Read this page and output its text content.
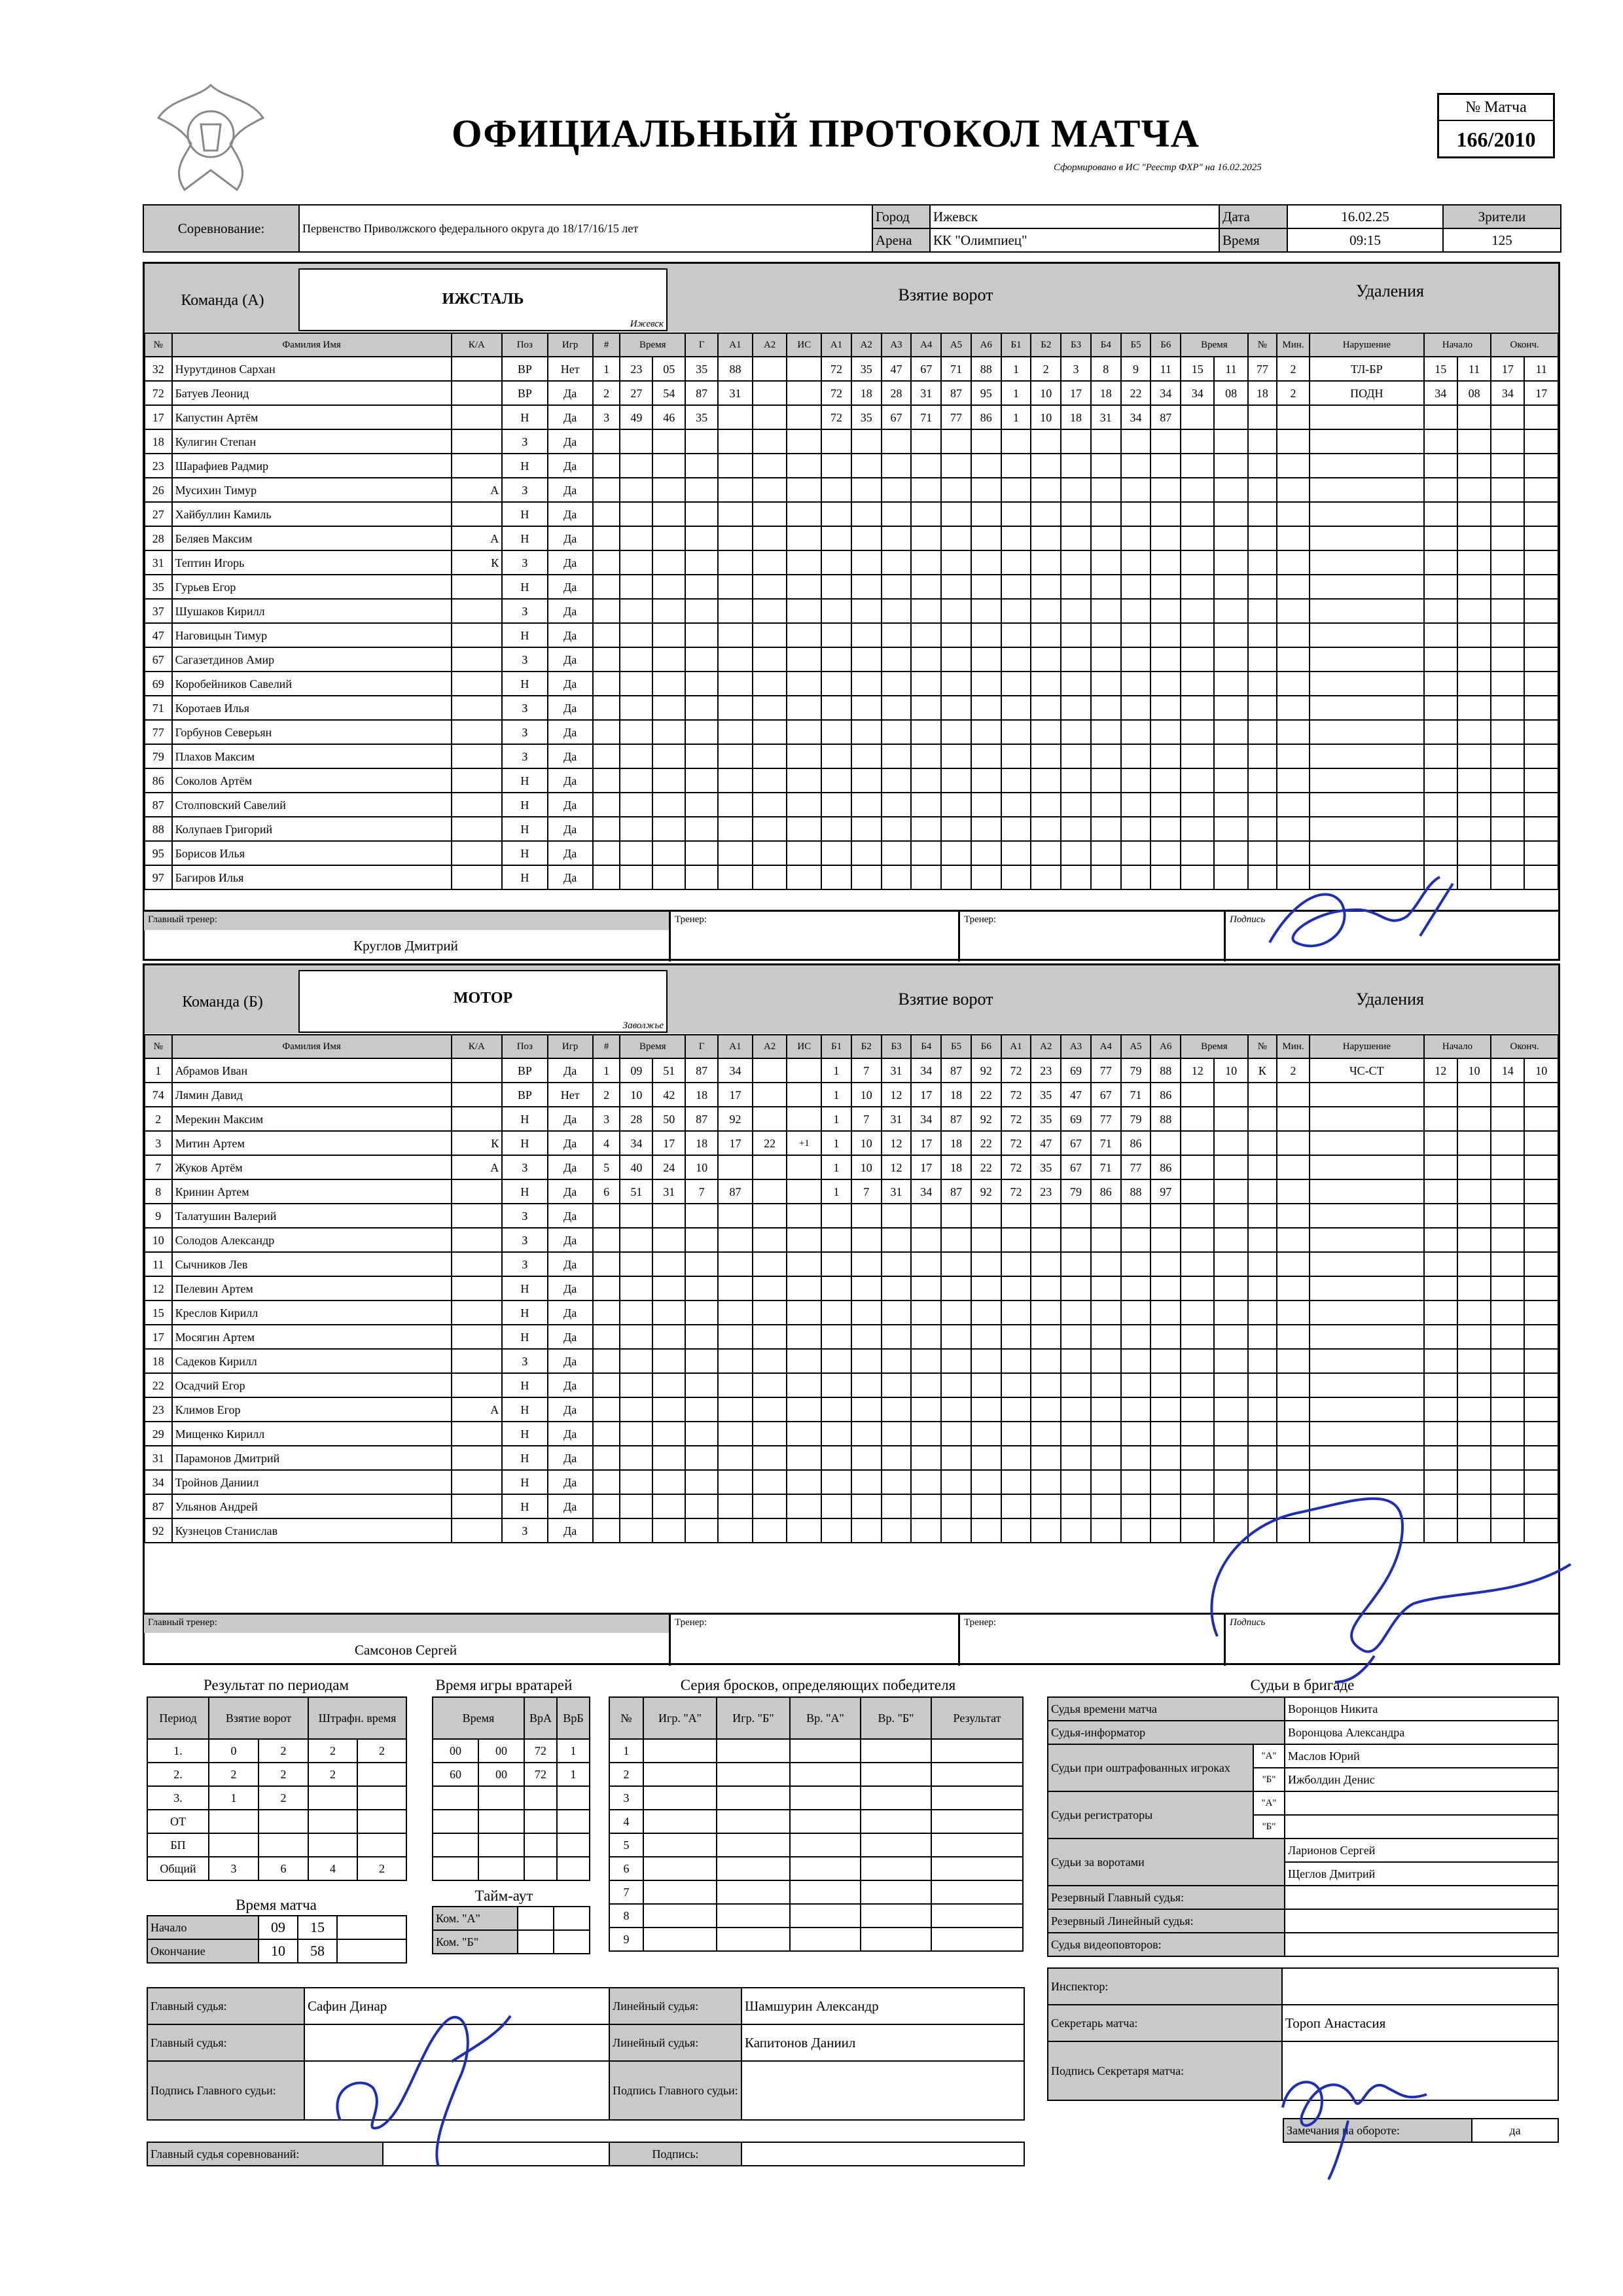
ОФИЦИАЛЬНЫЙ ПРОТОКОЛ МАТЧА
Сформировано в ИС "Реестр ФХР" на 16.02.2025
№ Матча
166/2010
Соревнование:	Первенство Приволжского федерального округа до 18/17/16/15 лет	Город	Ижевск	Дата	16.02.25	Зрители
		Арена	КК "Олимпиец"	Время	09:15	125
Команда (А)	ИЖСТАЛЬ
Ижевск
Взятие ворот	Удаления
№	Фамилия Имя	К/А	Поз	Игр	#	Время		Г	А1	А2	ИС	А1	А2	А3	А4	А5	А6	Б1	Б2	Б3	Б4	Б5	Б6	Время		№	Мин.	Нарушение	Начало		Оконч.	
32	Нурутдинов Сархан		ВР	Нет	1	23	05	35	88			72	35	47	67	71	88	1	2	3	8	9	11	15	11	77	2	ТЛ-БР	15	11	17	11
72	Батуев Леонид		ВР	Да	2	27	54	87	31			72	18	28	31	87	95	1	10	17	18	22	34	34	08	18	2	ПОДН	34	08	34	17
17	Капустин Артём		Н	Да	3	49	46	35				72	35	67	71	77	86	1	10	18	31	34	87									
18	Кулигин Степан		З	Да																												
23	Шарафиев Радмир		Н	Да																												
26	Мусихин Тимур	А	З	Да																												
27	Хайбуллин Камиль		Н	Да																												
28	Беляев Максим	А	Н	Да																												
31	Тептин Игорь	К	З	Да																												
35	Гурьев Егор		Н	Да																												
37	Шушаков Кирилл		З	Да																												
47	Наговицын Тимур		Н	Да																												
67	Сагазетдинов Амир		З	Да																												
69	Коробейников Савелий		Н	Да																												
71	Коротаев Илья		З	Да																												
77	Горбунов Северьян		З	Да																												
79	Плахов Максим		З	Да																												
86	Соколов Артём		Н	Да																												
87	Столповский Савелий		Н	Да																												
88	Колупаев Григорий		Н	Да																												
95	Борисов Илья		Н	Да																												
97	Багиров Илья		Н	Да																												
Главный тренер:
Круглов Дмитрий
Тренер:	Тренер:	Подпись
Команда (Б)	МОТОР
Заволжье
Взятие ворот	Удаления
№	Фамилия Имя	К/А	Поз	Игр	#	Время		Г	А1	А2	ИС	Б1	Б2	Б3	Б4	Б5	Б6	А1	А2	А3	А4	А5	А6	Время		№	Мин.	Нарушение	Начало		Оконч.	
1	Абрамов Иван		ВР	Да	1	09	51	87	34			1	7	31	34	87	92	72	23	69	77	79	88	12	10	К	2	ЧС-СТ	12	10	14	10
74	Лямин Давид		ВР	Нет	2	10	42	18	17			1	10	12	17	18	22	72	35	47	67	71	86									
2	Мерекин Максим		Н	Да	3	28	50	87	92			1	7	31	34	87	92	72	35	69	77	79	88									
3	Митин Артем	К	Н	Да	4	34	17	18	17	22	+1	1	10	12	17	18	22	72	47	67	71	86										
7	Жуков Артём	А	З	Да	5	40	24	10				1	10	12	17	18	22	72	35	67	71	77	86									
8	Кринин Артем		Н	Да	6	51	31	7	87			1	7	31	34	87	92	72	23	79	86	88	97									
9	Талатушин Валерий		З	Да																												
10	Солодов Александр		З	Да																												
11	Сычников Лев		З	Да																												
12	Пелевин Артем		Н	Да																												
15	Креслов Кирилл		Н	Да																												
17	Мосягин Артем		Н	Да																												
18	Садеков Кирилл		З	Да																												
22	Осадчий Егор		Н	Да																												
23	Климов Егор	А	Н	Да																												
29	Мищенко Кирилл		Н	Да																												
31	Парамонов Дмитрий		Н	Да																												
34	Тройнов Даниил		Н	Да																												
87	Ульянов Андрей		Н	Да																												
92	Кузнецов Станислав		З	Да																												
Главный тренер:
Самсонов Сергей
Тренер:	Тренер:	Подпись
Результат по периодам
Период	Взятие ворот		Штрафн. время	
1.	0	2	2	2
2.	2	2	2	
3.	1	2		
ОТ				
БП				
Общий	3	6	4	2
Время матча
Начало	09	15	
Окончание	10	58	
Время игры вратарей
Время		ВрА	ВрБ
00	00	72	1
60	00	72	1

Тайм-аут
Ком. "А"		
Ком. "Б"		
Серия бросков, определяющих победителя
№	Игр. "А"	Игр. "Б"	Вр. "А"	Вр. "Б"	Результат
1					
2					
3					
4					
5					
6					
7					
8					
9					
Судьи в бригаде
Судья времени матча		Воронцов Никита
Судья-информатор		Воронцова Александра
Судьи при оштрафованных игроках	"А"	Маслов Юрий
	"Б"	Ижболдин Денис
Судьи регистраторы	"А"	
	"Б"	
Судьи за воротами		Ларионов Сергей
		Щеглов Дмитрий
Резервный Главный судья:		
Резервный Линейный судья:		
Судья видеоповторов:		
Главный судья:	Сафин Динар	Линейный судья:	Шамшурин Александр
Главный судья:		Линейный судья:	Капитонов Даниил
Подпись Главного судьи:		Подпись Главного судьи:	
Главный судья соревнований:		Подпись:	
Инспектор:	
Секретарь матча:	Тороп Анастасия
Подпись Секретаря матча:	
Замечания на обороте:	да
